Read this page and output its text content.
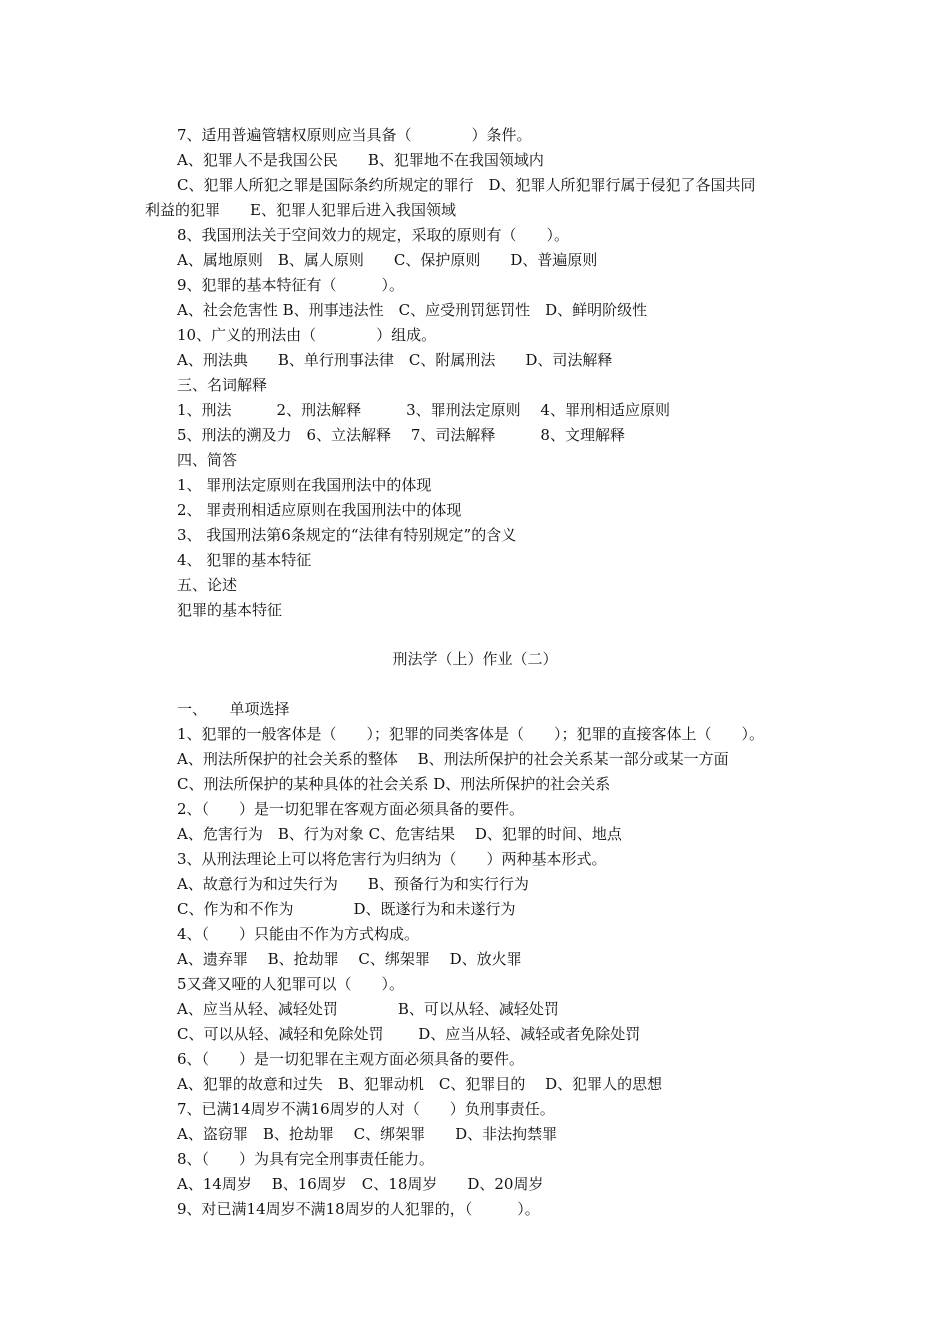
7、适用普遍管辖权原则应当具备（　　　　）条件。
A、犯罪人不是我国公民　　B、犯罪地不在我国领域内
C、犯罪人所犯之罪是国际条约所规定的罪行　D、犯罪人所犯罪行属于侵犯了各国共同
利益的犯罪　　E、犯罪人犯罪后进入我国领域
8、我国刑法关于空间效力的规定，采取的原则有（　　）。
A、属地原则　B、属人原则　　C、保护原则　　D、普遍原则
9、犯罪的基本特征有（　　　）。
A、社会危害性 B、刑事违法性　C、应受刑罚惩罚性　D、鲜明阶级性
10、广义的刑法由（　　　　）组成。
A、刑法典　　B、单行刑事法律　C、附属刑法　　D、司法解释
三、名词解释
1、刑法　　　2、刑法解释　　　3、罪刑法定原则　 4、罪刑相适应原则
5、刑法的溯及力　6、立法解释　 7、司法解释　　　8、文理解释
四、简答
1、 罪刑法定原则在我国刑法中的体现
2、 罪责刑相适应原则在我国刑法中的体现
3、 我国刑法第6条规定的“法律有特别规定”的含义
4、 犯罪的基本特征
五、论述
犯罪的基本特征
刑法学（上）作业（二）
一、　　单项选择
1、犯罪的一般客体是（　　）；犯罪的同类客体是（　　）；犯罪的直接客体上（　　）。
A、刑法所保护的社会关系的整体　 B、刑法所保护的社会关系某一部分或某一方面
C、刑法所保护的某种具体的社会关系 D、刑法所保护的社会关系
2、（　　）是一切犯罪在客观方面必须具备的要件。
A、危害行为　B、行为对象 C、危害结果　 D、犯罪的时间、地点
3、从刑法理论上可以将危害行为归纳为（　　）两种基本形式。
A、故意行为和过失行为　　B、预备行为和实行行为
C、作为和不作为　　　　D、既遂行为和未遂行为
4、（　　）只能由不作为方式构成。
A、遗弃罪　 B、抢劫罪　 C、绑架罪　 D、放火罪
5又聋又哑的人犯罪可以（　　）。
A、应当从轻、减轻处罚　　　　B、可以从轻、减轻处罚
C、可以从轻、减轻和免除处罚　　 D、应当从轻、减轻或者免除处罚
6、（　　）是一切犯罪在主观方面必须具备的要件。
A、犯罪的故意和过失　B、犯罪动机　C、犯罪目的　 D、犯罪人的思想
7、已满14周岁不满16周岁的人对（　　）负刑事责任。
A、盗窃罪　B、抢劫罪　 C、绑架罪　　D、非法拘禁罪
8、（　　）为具有完全刑事责任能力。
A、14周岁　 B、16周岁　C、18周岁　　D、20周岁
9、对已满14周岁不满18周岁的人犯罪的，（　　　）。
